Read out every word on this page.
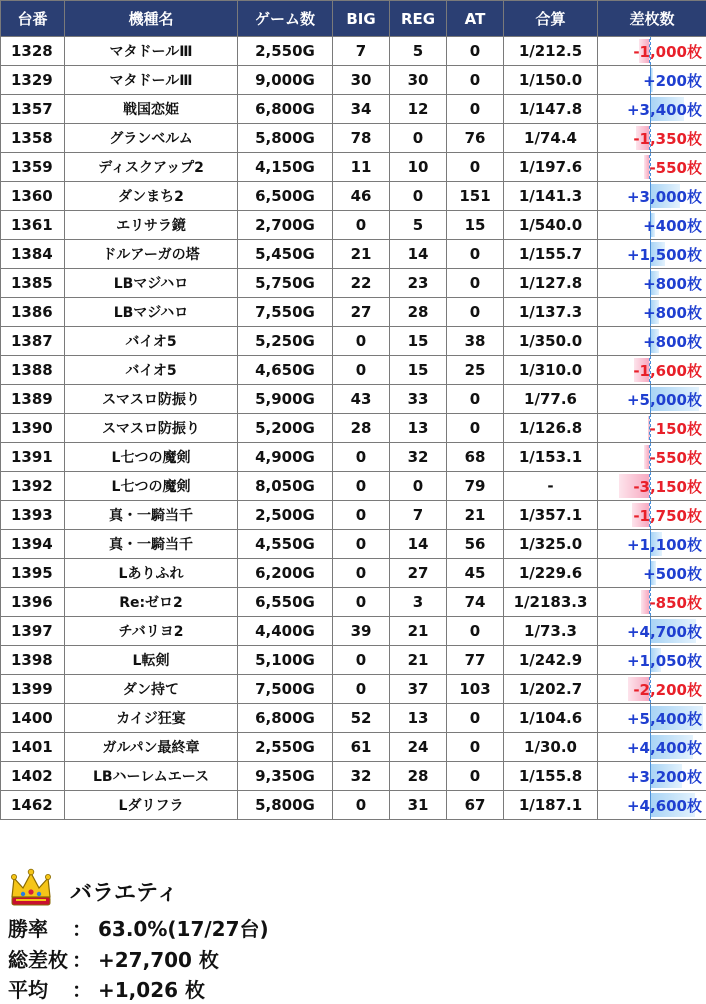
台番	機種名	ゲーム数	BIG	REG	AT	合算	差枚数
1328	マタドールⅢ	2,550G	7	5	0	1/212.5	-1,000枚
1329	マタドールⅢ	9,000G	30	30	0	1/150.0	+200枚
1357	戦国恋姫	6,800G	34	12	0	1/147.8	+3,400枚
1358	グランベルム	5,800G	78	0	76	1/74.4	-1,350枚
1359	ディスクアップ2	4,150G	11	10	0	1/197.6	-550枚
1360	ダンまち2	6,500G	46	0	151	1/141.3	+3,000枚
1361	エリサラ鏡	2,700G	0	5	15	1/540.0	+400枚
1384	ドルアーガの塔	5,450G	21	14	0	1/155.7	+1,500枚
1385	LBマジハロ	5,750G	22	23	0	1/127.8	+800枚
1386	LBマジハロ	7,550G	27	28	0	1/137.3	+800枚
1387	バイオ5	5,250G	0	15	38	1/350.0	+800枚
1388	バイオ5	4,650G	0	15	25	1/310.0	-1,600枚
1389	スマスロ防振り	5,900G	43	33	0	1/77.6	+5,000枚
1390	スマスロ防振り	5,200G	28	13	0	1/126.8	-150枚
1391	L七つの魔剣	4,900G	0	32	68	1/153.1	-550枚
1392	L七つの魔剣	8,050G	0	0	79	-	-3,150枚
1393	真・一騎当千	2,500G	0	7	21	1/357.1	-1,750枚
1394	真・一騎当千	4,550G	0	14	56	1/325.0	+1,100枚
1395	Lありふれ	6,200G	0	27	45	1/229.6	+500枚
1396	Re:ゼロ2	6,550G	0	3	74	1/2183.3	-850枚
1397	チバリヨ2	4,400G	39	21	0	1/73.3	+4,700枚
1398	L転剣	5,100G	0	21	77	1/242.9	+1,050枚
1399	ダン持て	7,500G	0	37	103	1/202.7	-2,200枚
1400	カイジ狂宴	6,800G	52	13	0	1/104.6	+5,400枚
1401	ガルパン最終章	2,550G	61	24	0	1/30.0	+4,400枚
1402	LBハーレムエース	9,350G	32	28	0	1/155.8	+3,200枚
1462	Lダリフラ	5,800G	0	31	67	1/187.1	+4,600枚
バラエティ
勝率 ： 63.0%(17/27台)
総差枚 ： +27,700 枚
平均 ： +1,026 枚
